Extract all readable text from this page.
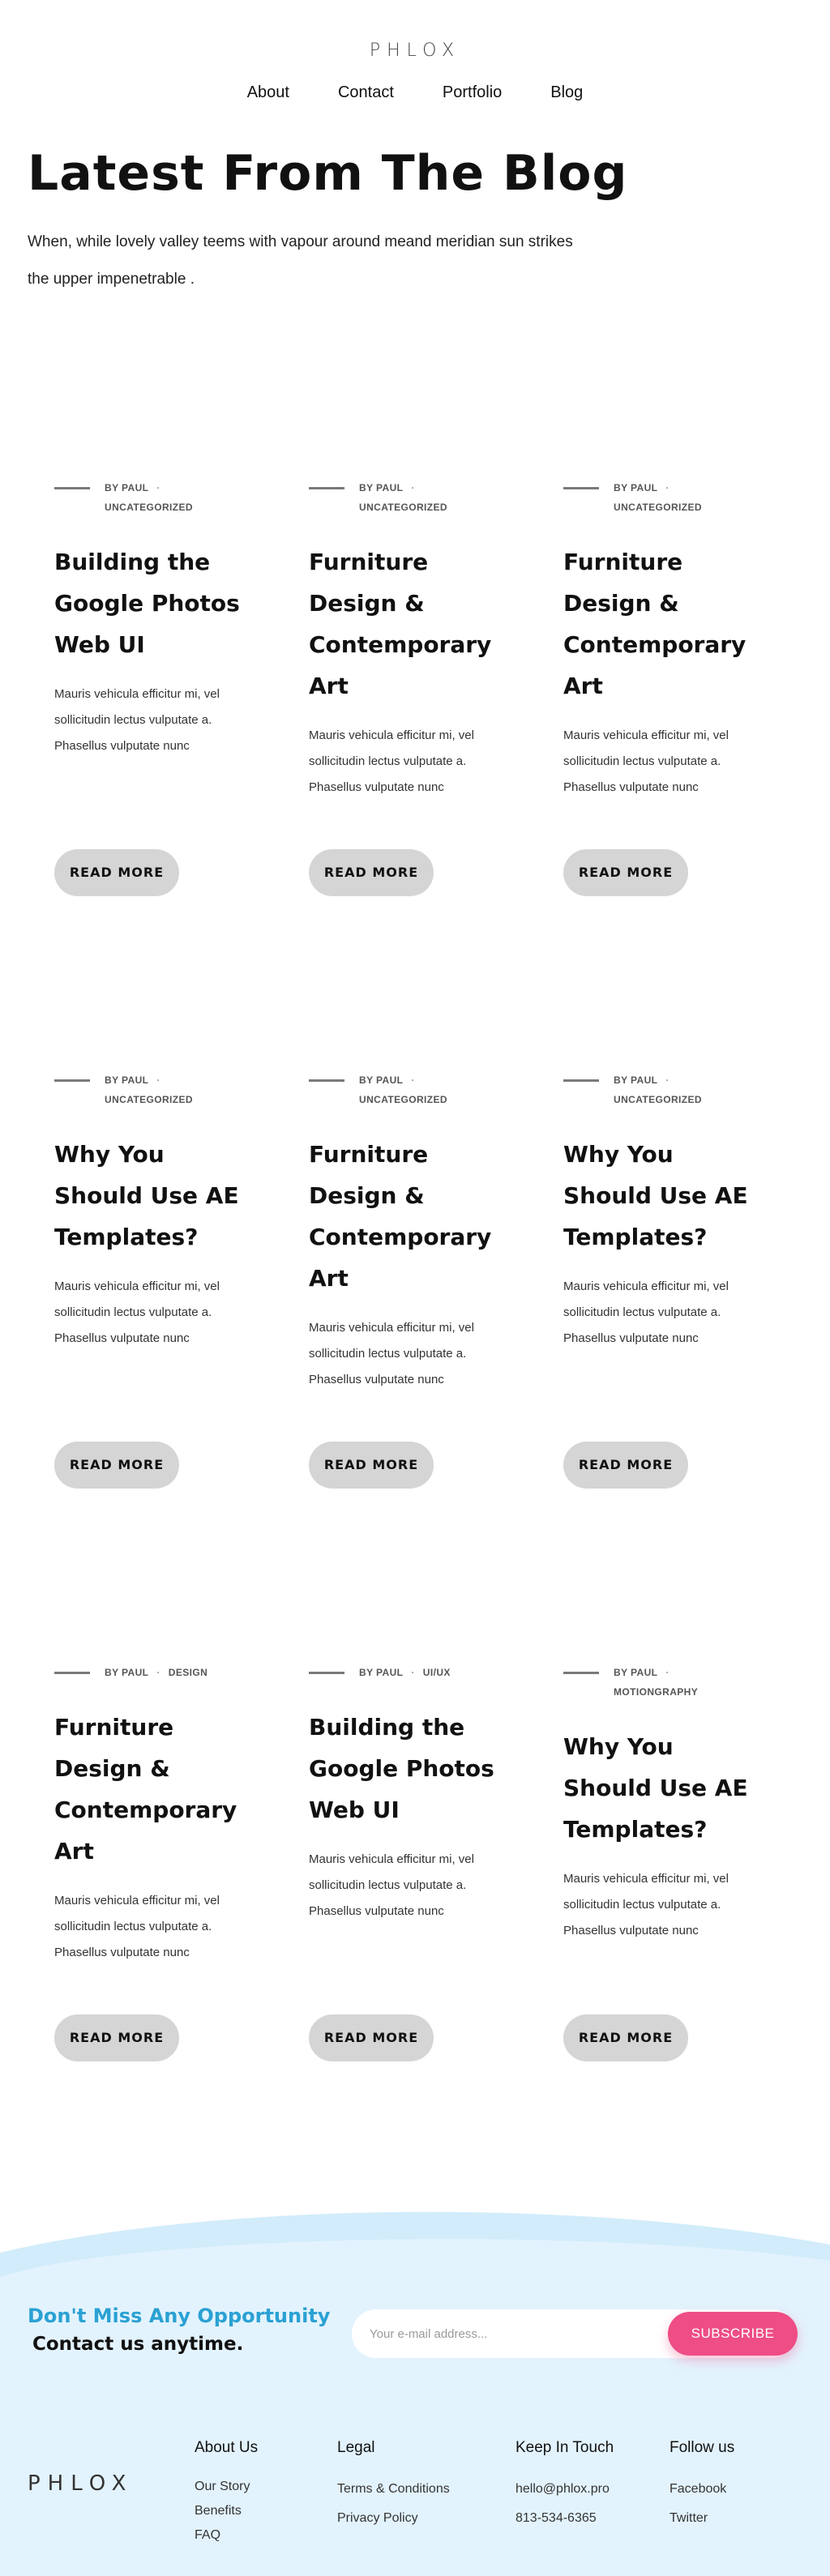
PHLOX
About	Contact	Portfolio	Blog
Latest From The Blog

When, while lovely valley teems with vapour around meand meridian sun strikes the upper impenetrable .

BY PAUL ·
UNCATEGORIZED
Building the Google Photos Web UI

Mauris vehicula efficitur mi, vel sollicitudin lectus vulputate a. Phasellus vulputate nunc

READ MORE
BY PAUL ·
UNCATEGORIZED
Furniture Design & Contemporary Art

Mauris vehicula efficitur mi, vel sollicitudin lectus vulputate a. Phasellus vulputate nunc

READ MORE
BY PAUL ·
UNCATEGORIZED
Furniture Design & Contemporary Art

Mauris vehicula efficitur mi, vel sollicitudin lectus vulputate a. Phasellus vulputate nunc

READ MORE
BY PAUL ·
UNCATEGORIZED
Why You Should Use AE Templates?

Mauris vehicula efficitur mi, vel sollicitudin lectus vulputate a. Phasellus vulputate nunc

READ MORE
BY PAUL ·
UNCATEGORIZED
Furniture Design & Contemporary Art

Mauris vehicula efficitur mi, vel sollicitudin lectus vulputate a. Phasellus vulputate nunc

READ MORE
BY PAUL ·
UNCATEGORIZED
Why You Should Use AE Templates?

Mauris vehicula efficitur mi, vel sollicitudin lectus vulputate a. Phasellus vulputate nunc

READ MORE
BY PAUL · DESIGN
Furniture Design & Contemporary Art

Mauris vehicula efficitur mi, vel sollicitudin lectus vulputate a. Phasellus vulputate nunc

READ MORE
BY PAUL · UI/UX
Building the Google Photos Web UI

Mauris vehicula efficitur mi, vel sollicitudin lectus vulputate a. Phasellus vulputate nunc

READ MORE
BY PAUL ·
MOTIONGRAPHY
Why You Should Use AE Templates?

Mauris vehicula efficitur mi, vel sollicitudin lectus vulputate a. Phasellus vulputate nunc

READ MORE
Don't Miss Any Opportunity
Contact us anytime.
Your e-mail address...
SUBSCRIBE
PHLOX
About Us
Our Story
Benefits
FAQ
Legal
Terms & Conditions
Privacy Policy
Keep In Touch
hello@phlox.pro
813-534-6365
Follow us
Facebook
Twitter
